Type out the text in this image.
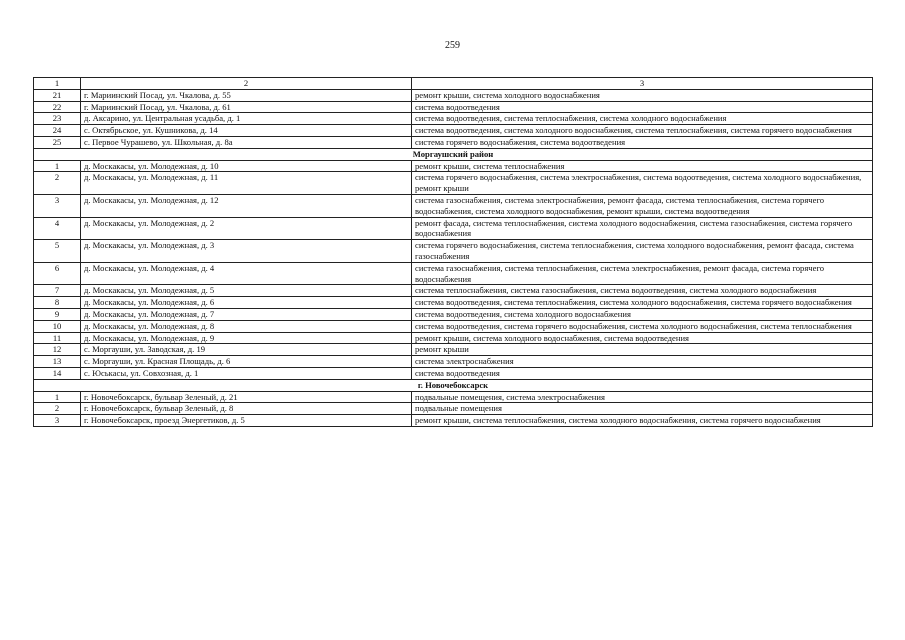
259
1	2	3
21	г. Мариинский Посад, ул. Чкалова, д. 55	ремонт крыши, система холодного водоснабжения
22	г. Мариинский Посад, ул. Чкалова, д. 61	система водоотведения
23	д. Аксарино, ул. Центральная усадьба, д. 1	система водоотведения, система теплоснабжения, система холодного водоснабжения
24	с. Октябрьское, ул. Кушникова, д. 14	система водоотведения, система холодного водоснабжения, система теплоснабжения, система горячего водоснабжения
25	с. Первое Чурашево, ул. Школьная, д. 8а	система горячего водоснабжения, система водоотведения
Моргаушский район		
1	д. Москакасы, ул. Молодежная, д. 10	ремонт крыши, система теплоснабжения
2	д. Москакасы, ул. Молодежная, д. 11	система горячего водоснабжения, система электроснабжения, система водоотведения, система холодного водоснабжения, ремонт крыши
3	д. Москакасы, ул. Молодежная, д. 12	система газоснабжения, система электроснабжения, ремонт фасада, система теплоснабжения, система горячего водоснабжения, система холодного водоснабжения, ремонт крыши, система водоотведения
4	д. Москакасы, ул. Молодежная, д. 2	ремонт фасада, система теплоснабжения, система холодного водоснабжения, система газоснабжения, система горячего водоснабжения
5	д. Москакасы, ул. Молодежная, д. 3	система горячего водоснабжения, система теплоснабжения, система холодного водоснабжения, ремонт фасада, система газоснабжения
6	д. Москакасы, ул. Молодежная, д. 4	система газоснабжения, система теплоснабжения, система электроснабжения, ремонт фасада, система горячего водоснабжения
7	д. Москакасы, ул. Молодежная, д. 5	система теплоснабжения, система газоснабжения, система водоотведения, система холодного водоснабжения
8	д. Москакасы, ул. Молодежная, д. 6	система водоотведения, система теплоснабжения, система холодного водоснабжения, система горячего водоснабжения
9	д. Москакасы, ул. Молодежная, д. 7	система водоотведения, система холодного водоснабжения
10	д. Москакасы, ул. Молодежная, д. 8	система водоотведения, система горячего водоснабжения, система холодного водоснабжения, система теплоснабжения
11	д. Москакасы, ул. Молодежная, д. 9	ремонт крыши, система холодного водоснабжения, система водоотведения
12	с. Моргауши, ул. Заводская, д. 19	ремонт крыши
13	с. Моргауши, ул. Красная Площадь, д. 6	система электроснабжения
14	с. Юськасы, ул. Совхозная, д. 1	система водоотведения
г. Новочебоксарск		
1	г. Новочебоксарск, бульвар Зеленый, д. 21	подвальные помещения, система электроснабжения
2	г. Новочебоксарск, бульвар Зеленый, д. 8	подвальные помещения
3	г. Новочебоксарск, проезд Энергетиков, д. 5	ремонт крыши, система теплоснабжения, система холодного водоснабжения, система горячего водоснабжения
